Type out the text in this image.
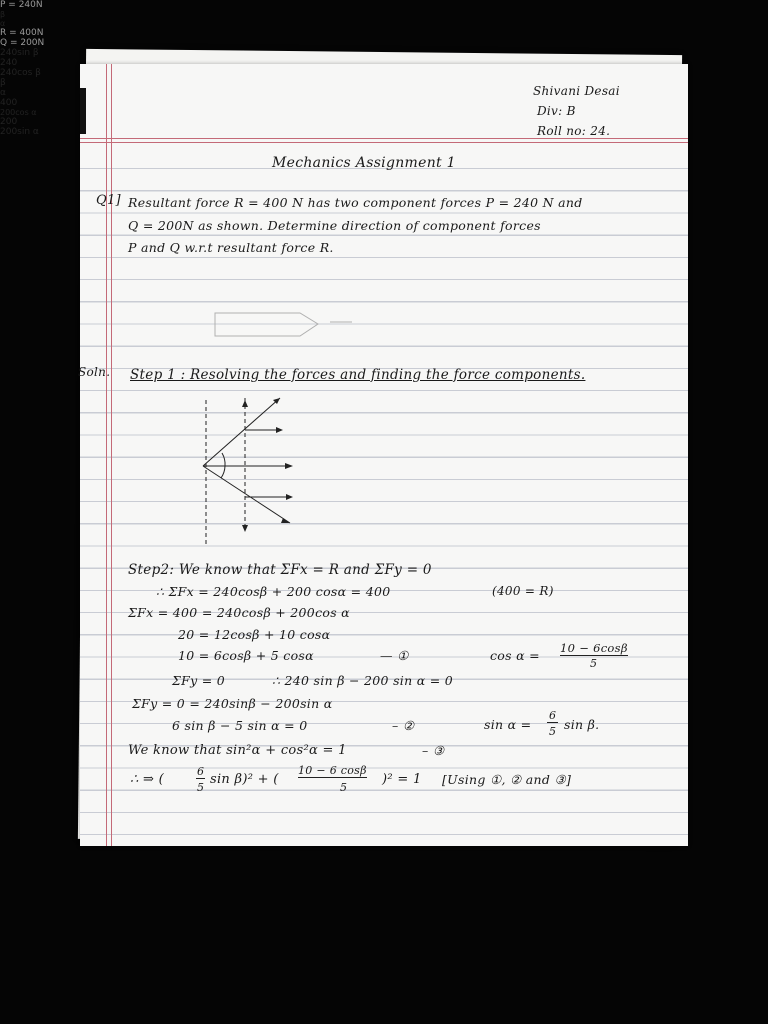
Shivani Desai
Div: B
Roll no: 24.
Mechanics Assignment 1
Q1] Resultant force R = 400 N has two component forces P = 240 N and
Q = 200N as shown. Determine direction of component forces
P and Q w.r.t resultant force R.
P = 240N
β
α
R = 400N
Q = 200N
Soln. Step 1 : Resolving the forces and finding the force components.
240sin β
240
240cos β
β
α
400
200cos α
200
200sin α
Step2: We know that ΣFx = R and ΣFy = 0
∴ ΣFx = 240cosβ + 200 cosα = 400	(400 = R)
ΣFx = 400 = 240cosβ + 200cos α
20 = 12cosβ + 10 cosα
10 = 6cosβ + 5 cosα	— ①	cos α = 10 − 6cosβ
5
ΣFy = 0	∴ 240 sin β − 200 sin α = 0
ΣFy = 0 = 240sinβ − 200sin α
6 sin β − 5 sin α = 0	– ②	sin α =
6
5 sin β.
We know that sin²α + cos²α = 1	– ③
∴ ⇒ (
6
5
sin β)² + (
10 − 6 cosβ
5
)² = 1 [Using ①, ② and ③]
